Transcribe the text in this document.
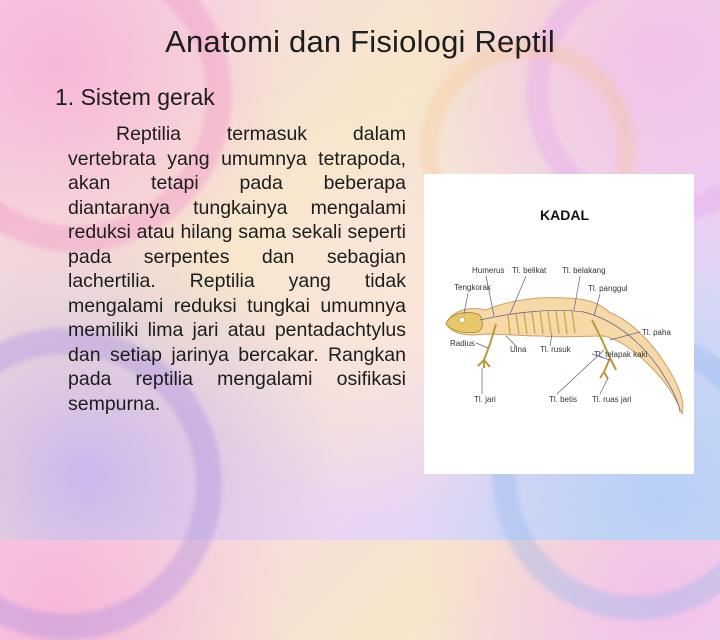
Anatomi dan Fisiologi Reptil
1. Sistem gerak
Reptilia termasuk dalam vertebrata yang umumnya tetrapoda, akan tetapi pada beberapa diantaranya tungkainya mengalami reduksi atau hilang sama sekali seperti pada serpentes dan sebagian lachertilia. Reptilia yang tidak mengalami reduksi tungkai umumnya memiliki lima jari atau pentadachtylus dan setiap jarinya bercakar. Rangkan pada reptilia mengalami osifikasi sempurna.
KADAL
Humerus Tl. belikat Tl. belakang
Tengkorak	Tl. panggul
Tl. paha
Radius
Ulna Tl. rusuk
Tl. telapak kaki
Tl. jari	Tl. betis Tl. ruas jari
